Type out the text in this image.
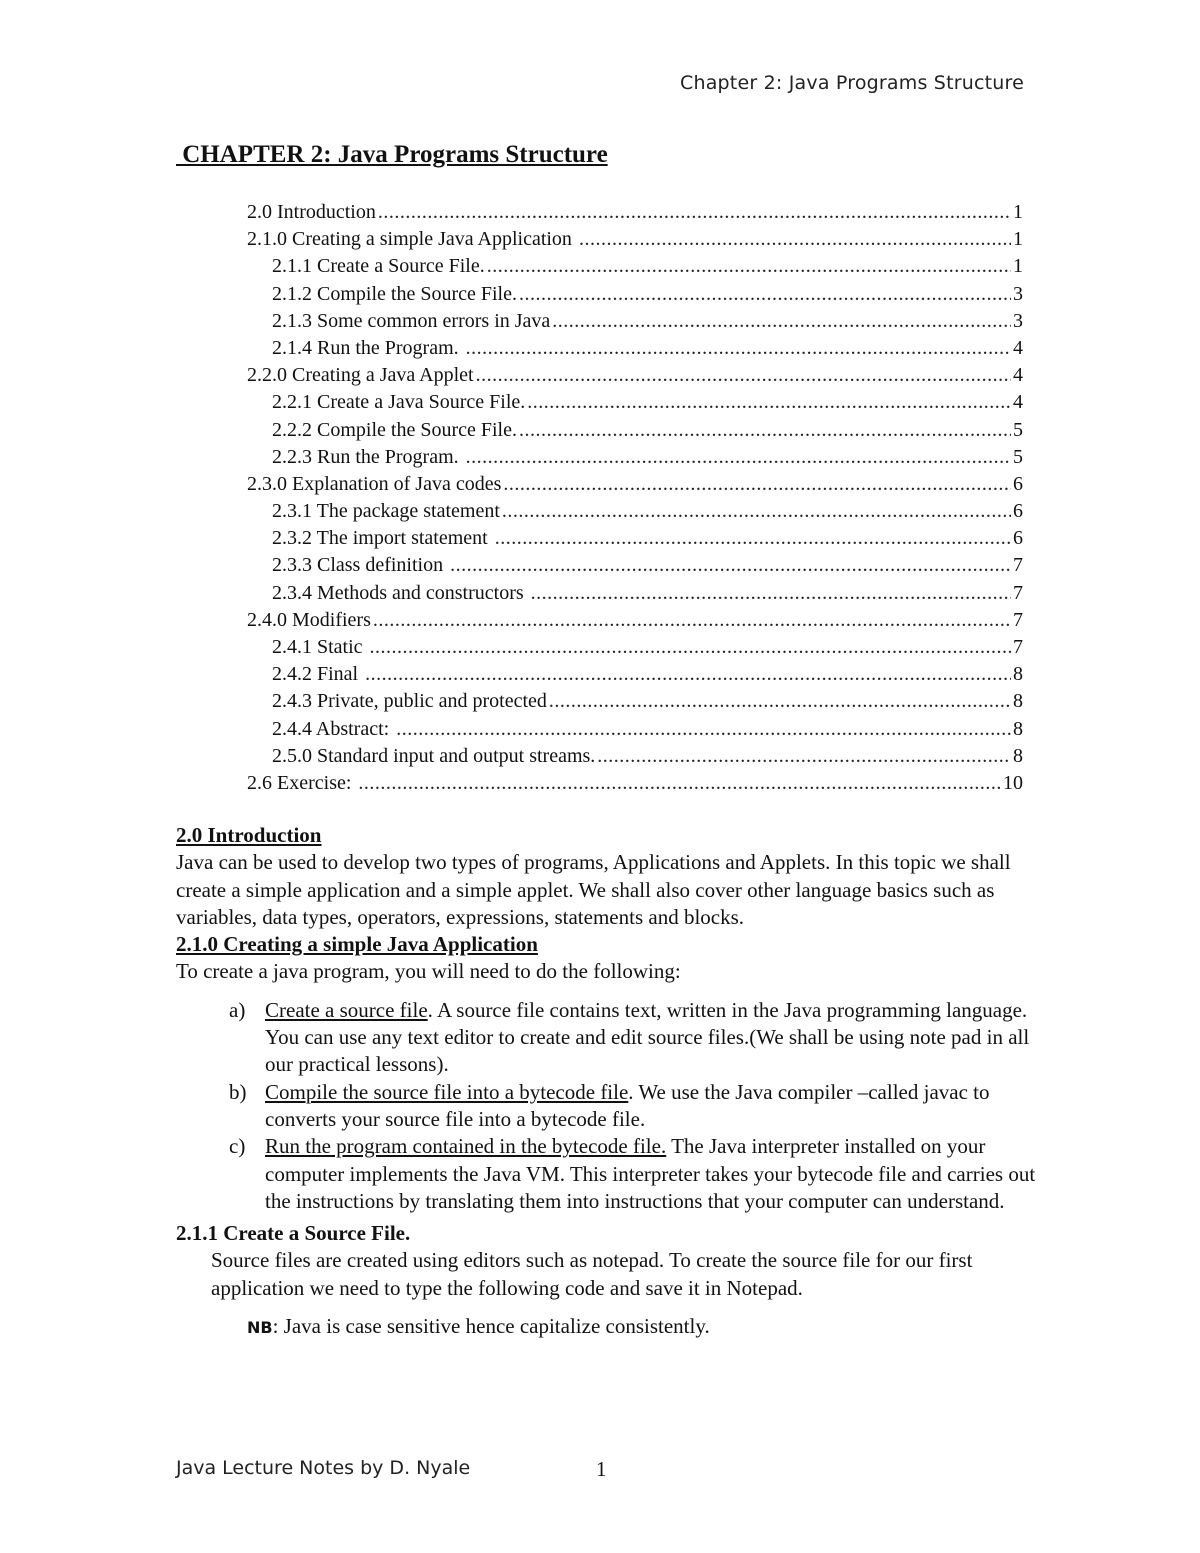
Chapter 2: Java Programs Structure
CHAPTER 2: Java Programs Structure
2.0 Introduction .....	1
2.1.0 Creating a simple Java Application .....	1
2.1.1 Create a Source File. .....	1
2.1.2 Compile the Source File. .....	3
2.1.3 Some common errors in Java .....	3
2.1.4 Run the Program. .....	4
2.2.0 Creating a Java Applet .....	4
2.2.1 Create a Java Source File. .....	4
2.2.2 Compile the Source File. .....	5
2.2.3 Run the Program. .....	5
2.3.0 Explanation of Java codes .....	6
2.3.1 The package statement .....	6
2.3.2 The import statement .....	6
2.3.3 Class definition .....	7
2.3.4 Methods and constructors .....	7
2.4.0 Modifiers .....	7
2.4.1 Static .....	7
2.4.2 Final .....	8
2.4.3 Private, public and protected .....	8
2.4.4 Abstract: .....	8
2.5.0 Standard input and output streams. .....	8
2.6 Exercise: .....	10

2.0 Introduction

Java can be used to develop two types of programs, Applications and Applets. In this topic we shall create a simple application and a simple applet. We shall also cover other language basics such as variables, data types, operators, expressions, statements and blocks.

2.1.0 Creating a simple Java Application

To create a java program, you will need to do the following:

a) Create a source file. A source file contains text, written in the Java programming language. You can use any text editor to create and edit source files.(We shall be using note pad in all our practical lessons).
b) Compile the source file into a bytecode file. We use the Java compiler –called javac to converts your source file into a bytecode file.
c) Run the program contained in the bytecode file. The Java interpreter installed on your computer implements the Java VM. This interpreter takes your bytecode file and carries out the instructions by translating them into instructions that your computer can understand.

2.1.1 Create a Source File.

Source files are created using editors such as notepad. To create the source file for our first application we need to type the following code and save it in Notepad.

NB: Java is case sensitive hence capitalize consistently.

Java Lecture Notes by D. Nyale	1
